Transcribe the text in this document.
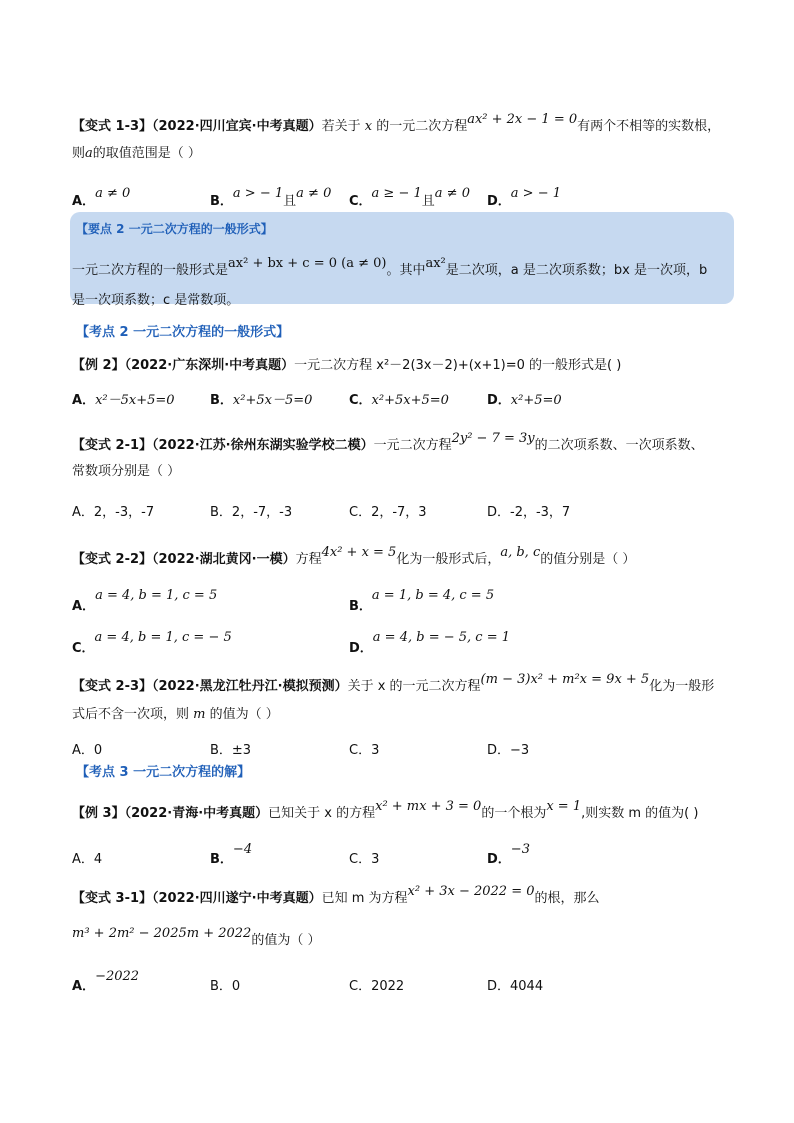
【变式 1-3】（2022·四川宜宾·中考真题）若关于 x 的一元二次方程ax² + 2x − 1 = 0有两个不相等的实数根，
则a的取值范围是（ ）
A．a ≠ 0
B．a > − 1且a ≠ 0
C．a ≥ − 1且a ≠ 0
D．a > − 1
【要点 2 一元二次方程的一般形式】
一元二次方程的一般形式是ax² + bx + c = 0 (a ≠ 0)。其中ax²是二次项，a 是二次项系数；bx 是一次项，b
是一次项系数；c 是常数项。
【考点 2 一元二次方程的一般形式】
【例 2】（2022·广东深圳·中考真题）一元二次方程 x²－2(3x－2)+(x+1)=0 的一般形式是( )
A．x²－5x+5=0	B．x²+5x－5=0	C．x²+5x+5=0	D．x²+5=0
【变式 2-1】（2022·江苏·徐州东湖实验学校二模）一元二次方程2y² − 7 = 3y的二次项系数、一次项系数、
常数项分别是（ ）
A．2，-3，-7	B．2，-7，-3	C．2，-7，3	D．-2，-3，7
【变式 2-2】（2022·湖北黄冈·一模）方程4x² + x = 5化为一般形式后，a, b, c的值分别是（ ）
A．a = 4, b = 1, c = 5
B．a = 1, b = 4, c = 5
C．a = 4, b = 1, c = − 5
D．a = 4, b = − 5, c = 1
【变式 2-3】（2022·黑龙江牡丹江·模拟预测）关于 x 的一元二次方程(m − 3)x² + m²x = 9x + 5化为一般形
式后不含一次项，则 m 的值为（ ）
A．0	B．±3	C．3	D．−3
【考点 3 一元二次方程的解】
【例 3】（2022·青海·中考真题）已知关于 x 的方程x² + mx + 3 = 0的一个根为x = 1,则实数 m 的值为( )
A．4	B．−4
C．3	D．−3
【变式 3-1】（2022·四川遂宁·中考真题）已知 m 为方程x² + 3x − 2022 = 0的根，那么
m³ + 2m² − 2025m + 2022的值为（ ）
A．−2022
B．0	C．2022	D．4044
